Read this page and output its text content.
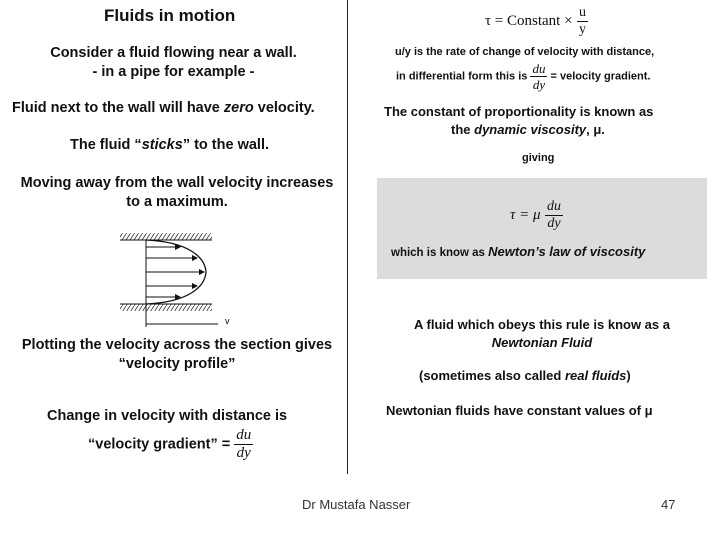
Fluids in motion
Consider a fluid flowing near a wall.
- in a pipe for example -
Fluid next to the wall will have zero velocity.
The fluid “sticks” to the wall.
Moving away from the wall velocity increases
to a maximum.
v
Plotting the velocity across the section gives
“velocity profile”
Change in velocity with distance is
“velocity gradient” = $\frac{du}{dy}$
τ = Constant × $\frac{u}{y}$
u/y is the rate of change of velocity with distance,
in differential form this is $\frac{du}{dy}$ = velocity gradient.
The constant of proportionality is known as
the dynamic viscosity, μ.
giving
τ = μ $\frac{du}{dy}$
which is know as Newton’s law of viscosity
A fluid which obeys this rule is know as a
Newtonian Fluid
(sometimes also called real fluids)
Newtonian fluids have constant values of μ
Dr Mustafa Nasser	47
